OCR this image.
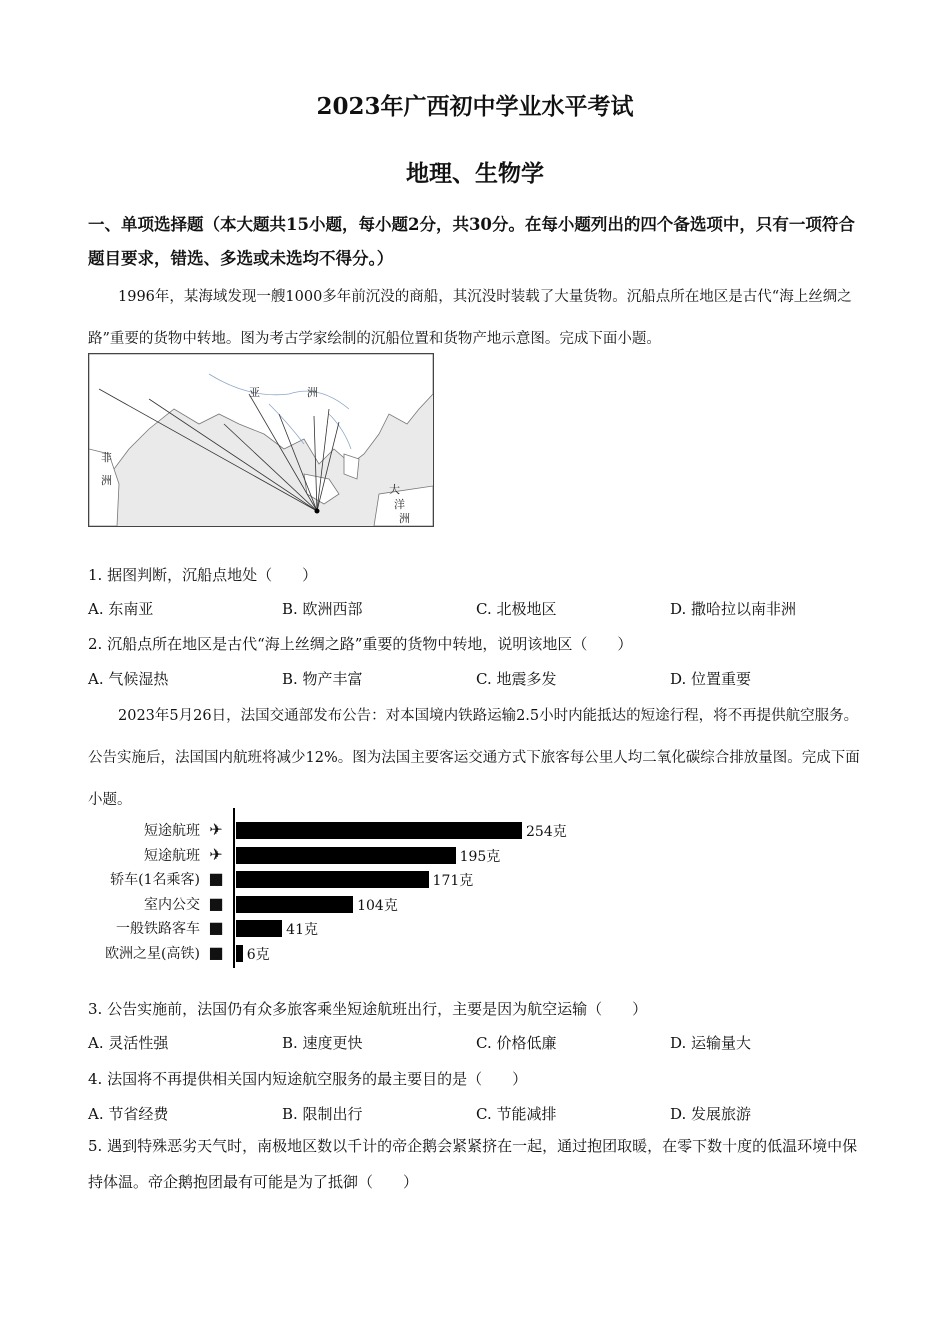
2023年广西初中学业水平考试
地理、生物学
一、单项选择题（本大题共15小题，每小题2分，共30分。在每小题列出的四个备选项中，只有一项符合题目要求，错选、多选或未选均不得分。）
1996年，某海域发现一艘1000多年前沉没的商船，其沉没时装载了大量货物。沉船点所在地区是古代“海上丝绸之路”重要的货物中转地。图为考古学家绘制的沉船位置和货物产地示意图。完成下面小题。
亚	洲
非
洲
大
洋
洲
1. 据图判断，沉船点地处（　　）
A. 东南亚	B. 欧洲西部	C. 北极地区	D. 撒哈拉以南非洲
2. 沉船点所在地区是古代“海上丝绸之路”重要的货物中转地，说明该地区（　　）
A. 气候湿热	B. 物产丰富	C. 地震多发	D. 位置重要
2023年5月26日，法国交通部发布公告：对本国境内铁路运输2.5小时内能抵达的短途行程，将不再提供航空服务。公告实施后，法国国内航班将减少12%。图为法国主要客运交通方式下旅客每公里人均二氧化碳综合排放量图。完成下面小题。
短途航班 ✈	254克
短途航班 ✈	195克
轿车(1名乘客) ■	171克
室内公交 ■	104克
一般铁路客车 ■	41克
欧洲之星(高铁) ■	6克
3. 公告实施前，法国仍有众多旅客乘坐短途航班出行，主要是因为航空运输（　　）
A. 灵活性强	B. 速度更快	C. 价格低廉	D. 运输量大
4. 法国将不再提供相关国内短途航空服务的最主要目的是（　　）
A. 节省经费	B. 限制出行	C. 节能减排	D. 发展旅游
5. 遇到特殊恶劣天气时，南极地区数以千计的帝企鹅会紧紧挤在一起，通过抱团取暖，在零下数十度的低温环境中保持体温。帝企鹅抱团最有可能是为了抵御（　　）
